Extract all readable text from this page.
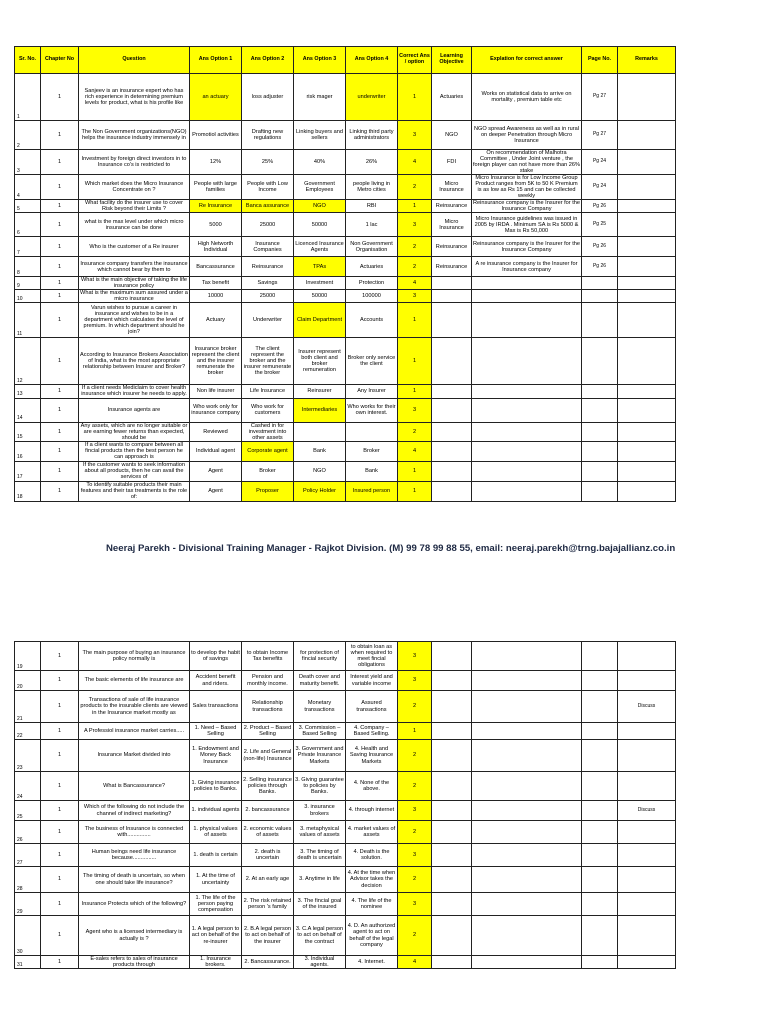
Sr. No.	Chapter No	Question	Ans Option 1	Ans Option 2	Ans Option 3	Ans Option 4	Correct Ans / option	Learning Objective	Explation for correct answer	Page No.	Remarks
1	1	Sanjeev is an insurance expert who has rich experience in determining premium levels for product, what is his profile like	an actuary	loss adjuster	risk mager	underwriter	1	Actuaries	Works on statistical data to arrive on mortality , premium table etc	Pg 27	
2	1	The Non Government organizations(NGO) helps the insurance industry immensely in	Promotiol activities	Drafting new regulations	Linking buyers and sellers	Linking third party administrators	3	NGO	NGO spread Awareness as well as in rural on deeper Penetration through Micro Insurance	Pg 27	
3	1	Investment by foreign direct investors in to Insurance co's is restricted to	12%	25%	40%	26%	4	FDI	On recommendation of Malhotra Committee , Under Joint venture , the foreign player can not have more than 26% stake	Pg 24	
4	1	Which market does the Micro Insurance Concentrate on ?	People with large families	People with Low Income	Government Employees	people living in Metro cities	2	Micro Insurance	Micro Insurance is for Low Income Group Product ranges from 5K to 50 K Premium is as low as Rs 15 and can be collected weekly	Pg 24	
5	1	What facility do the insurer use to cover Risk beyond their Limits ?	Re Insurance	Banca assurance	NGO	RBI	1	Reinsurance	Reinsurance company is the Insurer for the Insurance Company	Pg 26	
6	1	what is the max level under which micro insurance can be done	5000	25000	50000	1 lac	3	Micro Insurance	Micro Insurance guidelines was issued in 2005 by IRDA . Minimum SA is Rs 5000 & Max is Rs 50,000	Pg 25	
7	1	Who is the customer of a Re insurer	High Networth Individual	Insurance Companies	Licenced Insurance Agents	Non Government Organisation	2	Reinsurance	Reinsurance company is the Insurer for the Insurance Company	Pg 26	
8	1	Insurance company transfers the insurance which cannot bear by them to	Bancassurance	Reinsurance	TPAs	Actuaries	2	Reinsurance	A re insurance company is the Insurer for Insurance company	Pg 26	
9	1	What is the main objective of taking the life insurance policy	Tax benefit	Savings	Investment	Protection	4				
10	1	What is the maximum sum assured under a micro insurance	10000	25000	50000	100000	3				
11	1	Varun wishes to pursue a career in insurance and wishes to be in a department which calculates the level of premium. In which department should he join?	Actuary	Underwriter	Claim Department	Accounts	1				
12	1	According to Insurance Brokers Association of India, what is the most appropriate relationship between Insurer and Broker?	Insurance broker represent the client and the insurer remunerate the broker	The client represent the broker and the insurer remunerate the broker	Insurer represent both client and broker remuneration	Broker only service the client	1				
13	1	If a client needs Mediclaim to cover health insurance which insurer he needs to apply.	Non life insurer	Life Insurance	Reinsurer	Any Insurer	1				
14	1	Insurance agents are	Who work only for insurance company	Who work for customers	Intermediaries	Who works for their own interest.	3				
15	1	Any assets, which are no longer suitable or are earning fewer returns than expected, should be	Reviewed	Cashed in for investment into other assets			2				
16	1	If a client wants to compare between all fincial products then the best person he can approach is	Individual agent	Corporate agent	Bank	Broker	4				
17	1	If the customer wants to seek information about all products, then he can avail the services of	Agent	Broker	NGO	Bank	1				
18	1	To identify suitable products their main features and their tax treatments is the role of:	Agent	Proposer	Policy Holder	Insured person	1				
Neeraj Parekh - Divisional Training Manager - Rajkot Division. (M) 99 78 99 88 55, email: neeraj.parekh@trng.bajajallianz.co.in
19	1	The main purpose of buying an insurance policy normally is	to develop the habit of savings	to obtain Income Tax benefits	for protection of fincial security	to obtain loan as when required to meet fincial obligations	3				
20	1	The basic elements of life insurance are	Accident benefit and riders.	Pension and monthly income.	Death cover and maturity benefit.	Interest yield and variable income	3				
21	1	Transactions of sale of life insurance products to the insurable clients are viewed in the Insurance market mostly as	Sales transactions	Relationship transactions	Monetary transactions	Assured transactions	2				Discuss
22	1	A Professiol insurance market carries.....	1. Need – Based Selling	2. Product – Based Selling	3. Commission – Based Selling	4. Company – Based Selling.	1				
23	1	Insurance Market divided into	1. Endowment and Money Back Insurance	2. Life and General (non-life) Insurance	3. Government and Private Insurance Markets	4. Health and Saving Insurance Markets	2				
24	1	What is Bancassurance?	1. Giving insurance policies to Banks.	2. Selling insurance policies through Banks.	3. Giving guarantee to policies by Banks.	4. None of the above.	2				
25	1	Which of the following do not include the channel of indirect marketing?	1. individual agents	2. bancassurance	3. insurance brokers	4. through internet	3				Discuss
26	1	The business of Insurance is connected with...............	1. physical values of assets	2. economic values of assets	3. metaphysical values of assets	4. market values of assets	2				
27	1	Human beings need life insurance because...............	1. death is certain	2. death is uncertain	3. The timing of death is uncertain	4. Death is the solution.	3				
28	1	The timing of death is uncertain, so when one should take life insurance?	1. At the time of uncertainty	2. At an early age	3. Anytime in life	4. At the time when Advisor takes the decision	2				
29	1	Insurance Protects which of the following?	1. The life of the person paying compensation	2. The risk retained person 's family	3. The fincial goal of the insured	4. The life of the nominee	3				
30	1	Agent who is a licensed intermediary is actually is ?	1. A legal person to act on behalf of the re-insurer	2. B.A legal person to act on behalf of the insurer	3. C.A legal person to act on behalf of the contract	4. D. An authorized agent to act on behalf of the legal company	2				
31	1	E-sales refers to sales of insurance products through	1. Insurance brokers.	2. Bancassurance.	3. Individual agents.	4. Internet.	4				
